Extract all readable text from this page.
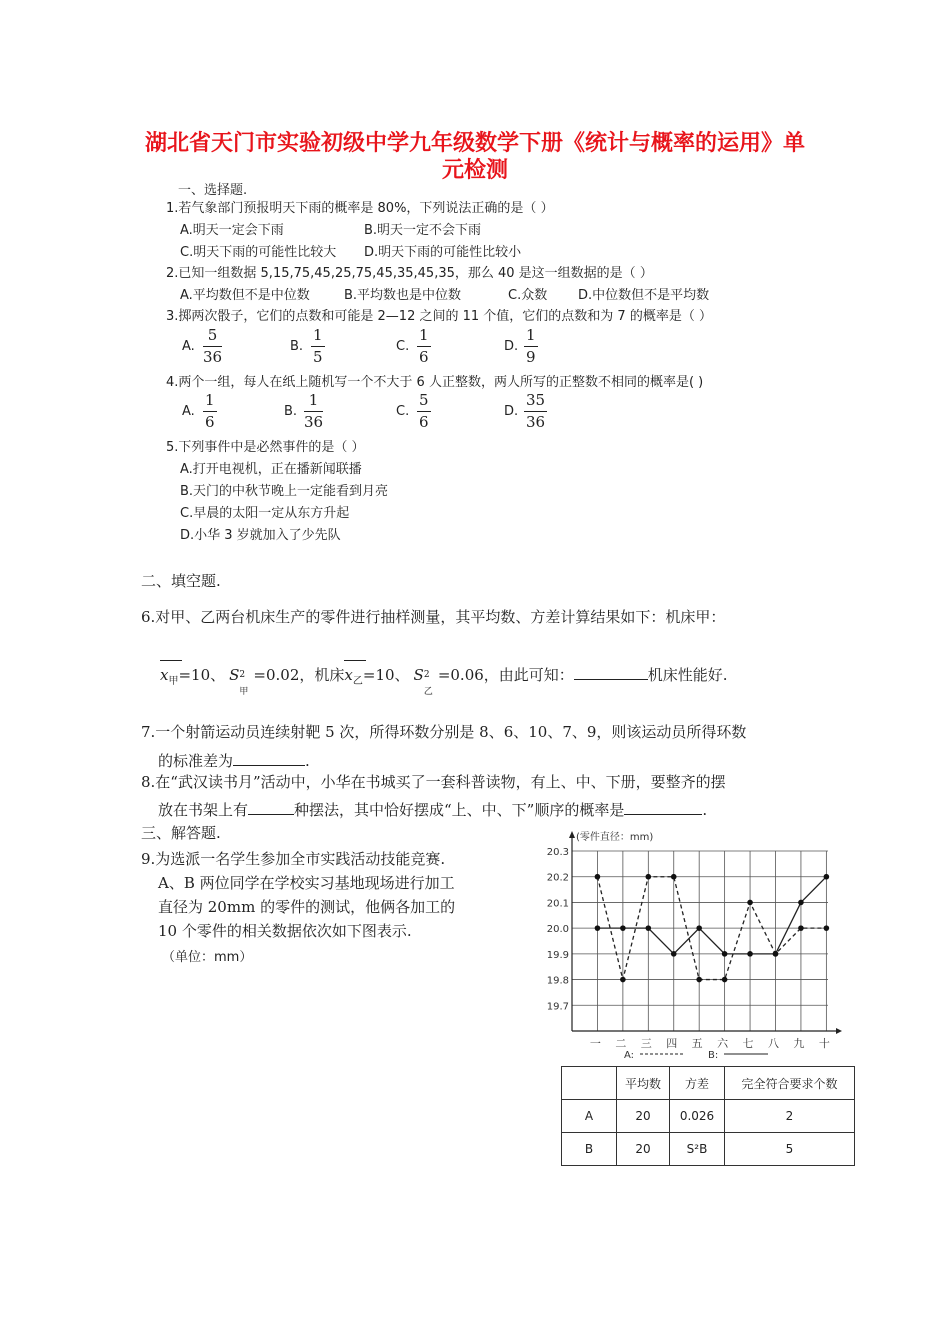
湖北省天门市实验初级中学九年级数学下册《统计与概率的运用》单
元检测
一、选择题.
1.若气象部门预报明天下雨的概率是 80%，下列说法正确的是（ ）
A.明天一定会下雨	B.明天一定不会下雨
C.明天下雨的可能性比较大 D.明天下雨的可能性比较小
2.已知一组数据 5,15,75,45,25,75,45,35,45,35，那么 40 是这一组数据的是（ ）
A.平均数但不是中位数	B.平均数也是中位数	C.众数 D.中位数但不是平均数
3.掷两次骰子，它们的点数和可能是 2—12 之间的 11 个值，它们的点数和为 7 的概率是（ ）
A. $\frac{5}{36}$	B. $\frac{1}{5}$	C. $\frac{1}{6}$	D. $\frac{1}{9}$
4.两个一组，每人在纸上随机写一个不大于 6 人正整数，两人所写的正整数不相同的概率是( )
A. $\frac{1}{6}$	B. $\frac{1}{36}$	C. $\frac{5}{6}$	D. $\frac{35}{36}$
5.下列事件中是必然事件的是（ ）
A.打开电视机，正在播新闻联播
B.天门的中秋节晚上一定能看到月亮
C.早晨的太阳一定从东方升起
D.小华 3 岁就加入了少先队
二、填空题.
6.对甲、乙两台机床生产的零件进行抽样测量，其平均数、方差计算结果如下：机床甲：
$x_甲=10$、 S 2
甲
=0.02，机床
$x_乙=10$、 S 2
乙
=0.06，由此可知：	机床性能好.
7.一个射箭运动员连续射靶 5 次，所得环数分别是 8、6、10、7、9，则该运动员所得环数
的标准差为	.
8.在“武汉读书月”活动中，小华在书城买了一套科普读物，有上、中、下册，要整齐的摆
放在书架上有	种摆法，其中恰好摆成“上、中、下”顺序的概率是	.
三、解答题.
9.为选派一名学生参加全市实践活动技能竞赛.
A、B 两位同学在学校实习基地现场进行加工
直径为 20mm 的零件的测试，他俩各加工的
10 个零件的相关数据依次如下图表示.
（单位：mm）
20.3
20.2
20.1
20.0
19.9
19.8
19.7
(零件直径：mm)
一 二 三 四 五 六 七 八 九 十
A:	B:
	平均数	方差	完全符合要求个数
A	20	0.026	2
B	20	S²B	5
